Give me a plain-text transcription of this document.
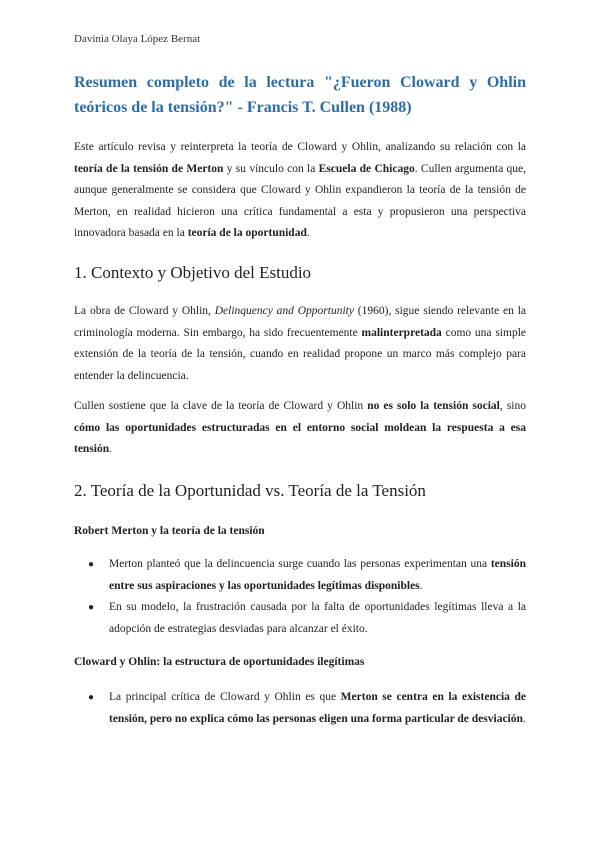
Davinia Olaya López Bernat
Resumen completo de la lectura "¿Fueron Cloward y Ohlin
teóricos de la tensión?" - Francis T. Cullen (1988)

Este artículo revisa y reinterpreta la teoría de Cloward y Ohlin, analizando su relación con la teoría de la tensión de Merton y su vínculo con la Escuela de Chicago. Cullen argumenta que, aunque generalmente se considera que Cloward y Ohlin expandieron la teoría de la tensión de Merton, en realidad hicieron una crítica fundamental a esta y propusieron una perspectiva innovadora basada en la teoría de la oportunidad.

1. Contexto y Objetivo del Estudio

La obra de Cloward y Ohlin, Delinquency and Opportunity (1960), sigue siendo relevante en la criminología moderna. Sin embargo, ha sido frecuentemente malinterpretada como una simple extensión de la teoría de la tensión, cuando en realidad propone un marco más complejo para entender la delincuencia.

Cullen sostiene que la clave de la teoría de Cloward y Ohlin no es solo la tensión social, sino cómo las oportunidades estructuradas en el entorno social moldean la respuesta a esa tensión.

2. Teoría de la Oportunidad vs. Teoría de la Tensión
Robert Merton y la teoría de la tensión
● Merton planteó que la delincuencia surge cuando las personas experimentan una tensión entre sus aspiraciones y las oportunidades legítimas disponibles.
● En su modelo, la frustración causada por la falta de oportunidades legítimas lleva a la adopción de estrategias desviadas para alcanzar el éxito.
Cloward y Ohlin: la estructura de oportunidades ilegítimas
● La principal crítica de Cloward y Ohlin es que Merton se centra en la existencia de tensión, pero no explica cómo las personas eligen una forma particular de desviación.
